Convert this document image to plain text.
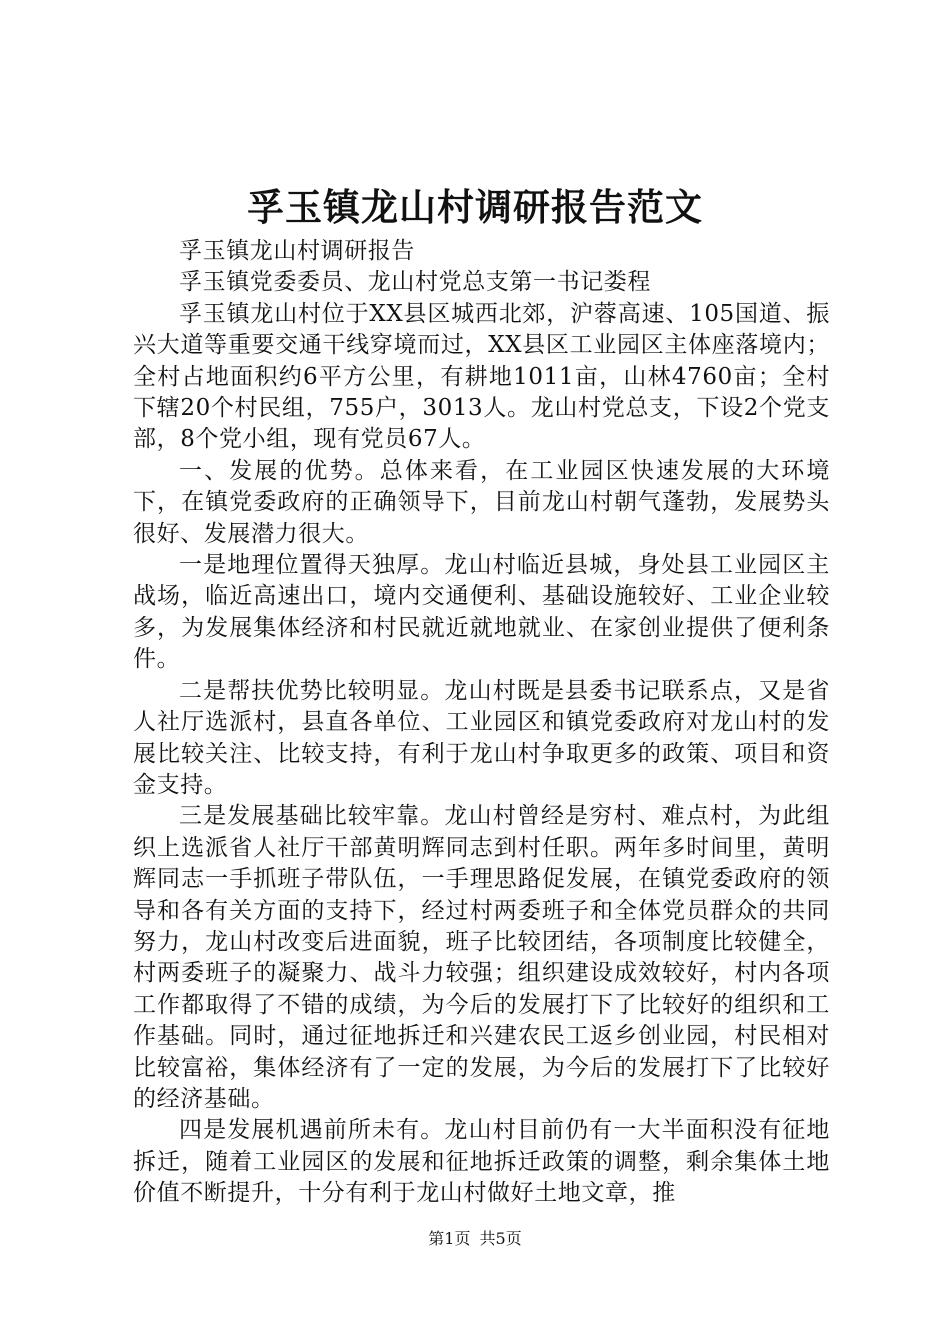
孚玉镇龙山村调研报告范文

孚玉镇龙山村调研报告

孚玉镇党委委员、龙山村党总支第一书记娄程

孚玉镇龙山村位于XX县区城西北郊，沪蓉高速、105国道、振兴大道等重要交通干线穿境而过，XX县区工业园区主体座落境内；全村占地面积约6平方公里，有耕地1011亩，山林4760亩；全村下辖20个村民组，755户，3013人。龙山村党总支，下设2个党支部，8个党小组，现有党员67人。

一、发展的优势。总体来看，在工业园区快速发展的大环境下，在镇党委政府的正确领导下，目前龙山村朝气蓬勃，发展势头很好、发展潜力很大。

一是地理位置得天独厚。龙山村临近县城，身处县工业园区主战场，临近高速出口，境内交通便利、基础设施较好、工业企业较多，为发展集体经济和村民就近就地就业、在家创业提供了便利条件。

二是帮扶优势比较明显。龙山村既是县委书记联系点，又是省人社厅选派村，县直各单位、工业园区和镇党委政府对龙山村的发展比较关注、比较支持，有利于龙山村争取更多的政策、项目和资金支持。

三是发展基础比较牢靠。龙山村曾经是穷村、难点村，为此组织上选派省人社厅干部黄明辉同志到村任职。两年多时间里，黄明辉同志一手抓班子带队伍，一手理思路促发展，在镇党委政府的领导和各有关方面的支持下，经过村两委班子和全体党员群众的共同努力，龙山村改变后进面貌，班子比较团结，各项制度比较健全，村两委班子的凝聚力、战斗力较强；组织建设成效较好，村内各项工作都取得了不错的成绩，为今后的发展打下了比较好的组织和工作基础。同时，通过征地拆迁和兴建农民工返乡创业园，村民相对比较富裕，集体经济有了一定的发展，为今后的发展打下了比较好的经济基础。

四是发展机遇前所未有。龙山村目前仍有一大半面积没有征地拆迁，随着工业园区的发展和征地拆迁政策的调整，剩余集体土地价值不断提升，十分有利于龙山村做好土地文章，推

第1页 共5页
